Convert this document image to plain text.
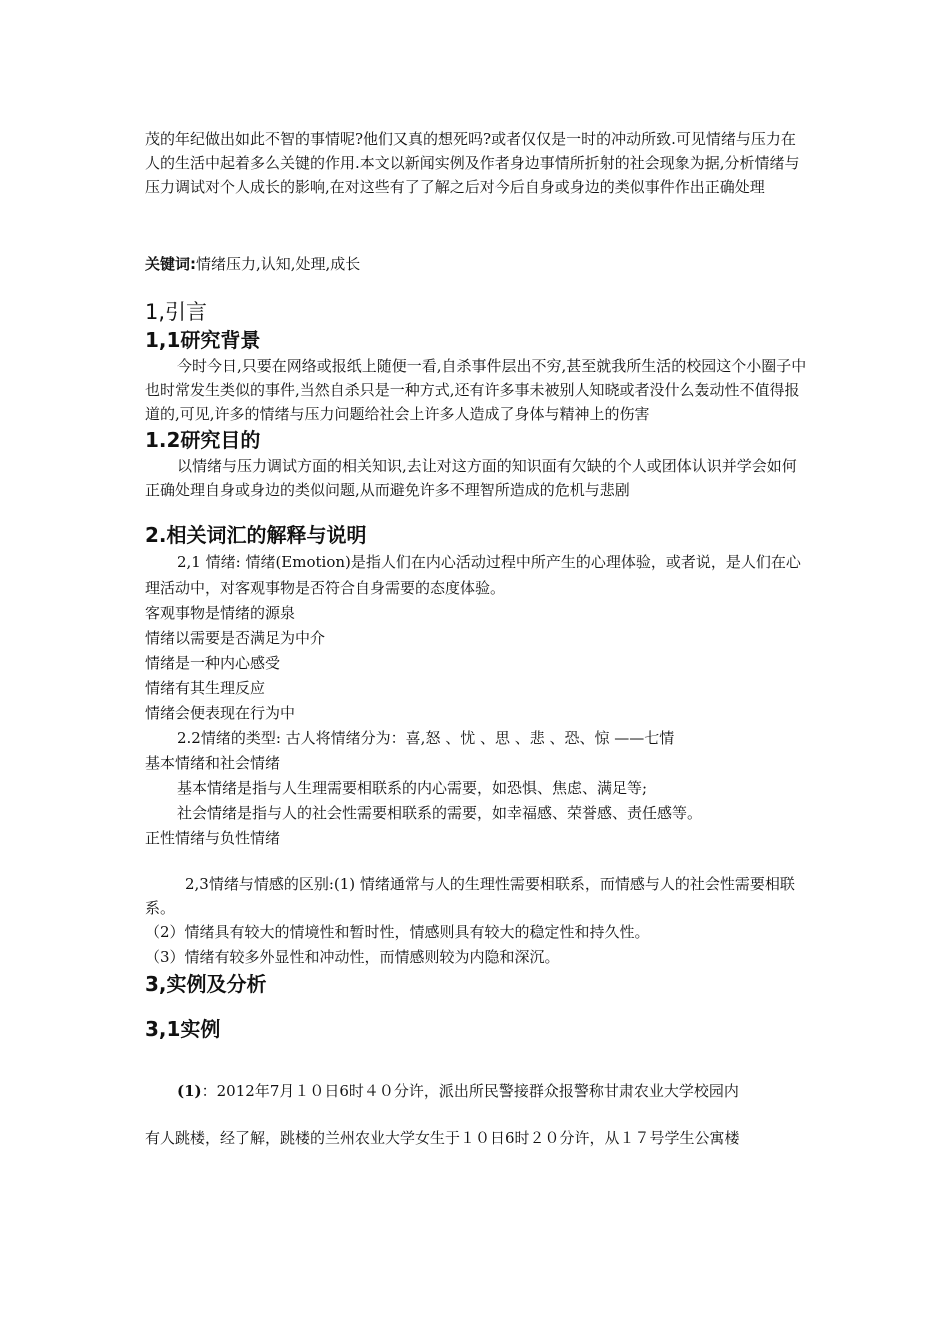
茂的年纪做出如此不智的事情呢?他们又真的想死吗?或者仅仅是一时的冲动所致.可见情绪与压力在人的生活中起着多么关键的作用.本文以新闻实例及作者身边事情所折射的社会现象为据,分析情绪与压力调试对个人成长的影响,在对这些有了了解之后对今后自身或身边的类似事件作出正确处理

关键词:情绪压力,认知,处理,成长

1,引言

1,1研究背景

今时今日,只要在网络或报纸上随便一看,自杀事件层出不穷,甚至就我所生活的校园这个小圈子中也时常发生类似的事件,当然自杀只是一种方式,还有许多事未被别人知晓或者没什么轰动性不值得报道的,可见,许多的情绪与压力问题给社会上许多人造成了身体与精神上的伤害

1.2研究目的

以情绪与压力调试方面的相关知识,去让对这方面的知识面有欠缺的个人或团体认识并学会如何正确处理自身或身边的类似问题,从而避免许多不理智所造成的危机与悲剧

2.相关词汇的解释与说明

2,1 情绪: 情绪(Emotion)是指人们在内心活动过程中所产生的心理体验，或者说，是人们在心理活动中，对客观事物是否符合自身需要的态度体验。

客观事物是情绪的源泉

情绪以需要是否满足为中介

情绪是一种内心感受

情绪有其生理反应

情绪会便表现在行为中

2.2情绪的类型: 古人将情绪分为：喜,怒 、忧 、思 、悲 、恐、惊 ——七情

基本情绪和社会情绪

基本情绪是指与人生理需要相联系的内心需要，如恐惧、焦虑、满足等;

社会情绪是指与人的社会性需要相联系的需要，如幸福感、荣誉感、责任感等。

正性情绪与负性情绪

2,3情绪与情感的区别:(1) 情绪通常与人的生理性需要相联系，而情感与人的社会性需要相联系。

（2）情绪具有较大的情境性和暂时性，情感则具有较大的稳定性和持久性。

（3）情绪有较多外显性和冲动性，而情感则较为内隐和深沉。

3,实例及分析

3,1实例

(1)：2012年7月１０日6时４０分许，派出所民警接群众报警称甘肃农业大学校园内

有人跳楼，经了解，跳楼的兰州农业大学女生于１０日6时２０分许，从１７号学生公寓楼
